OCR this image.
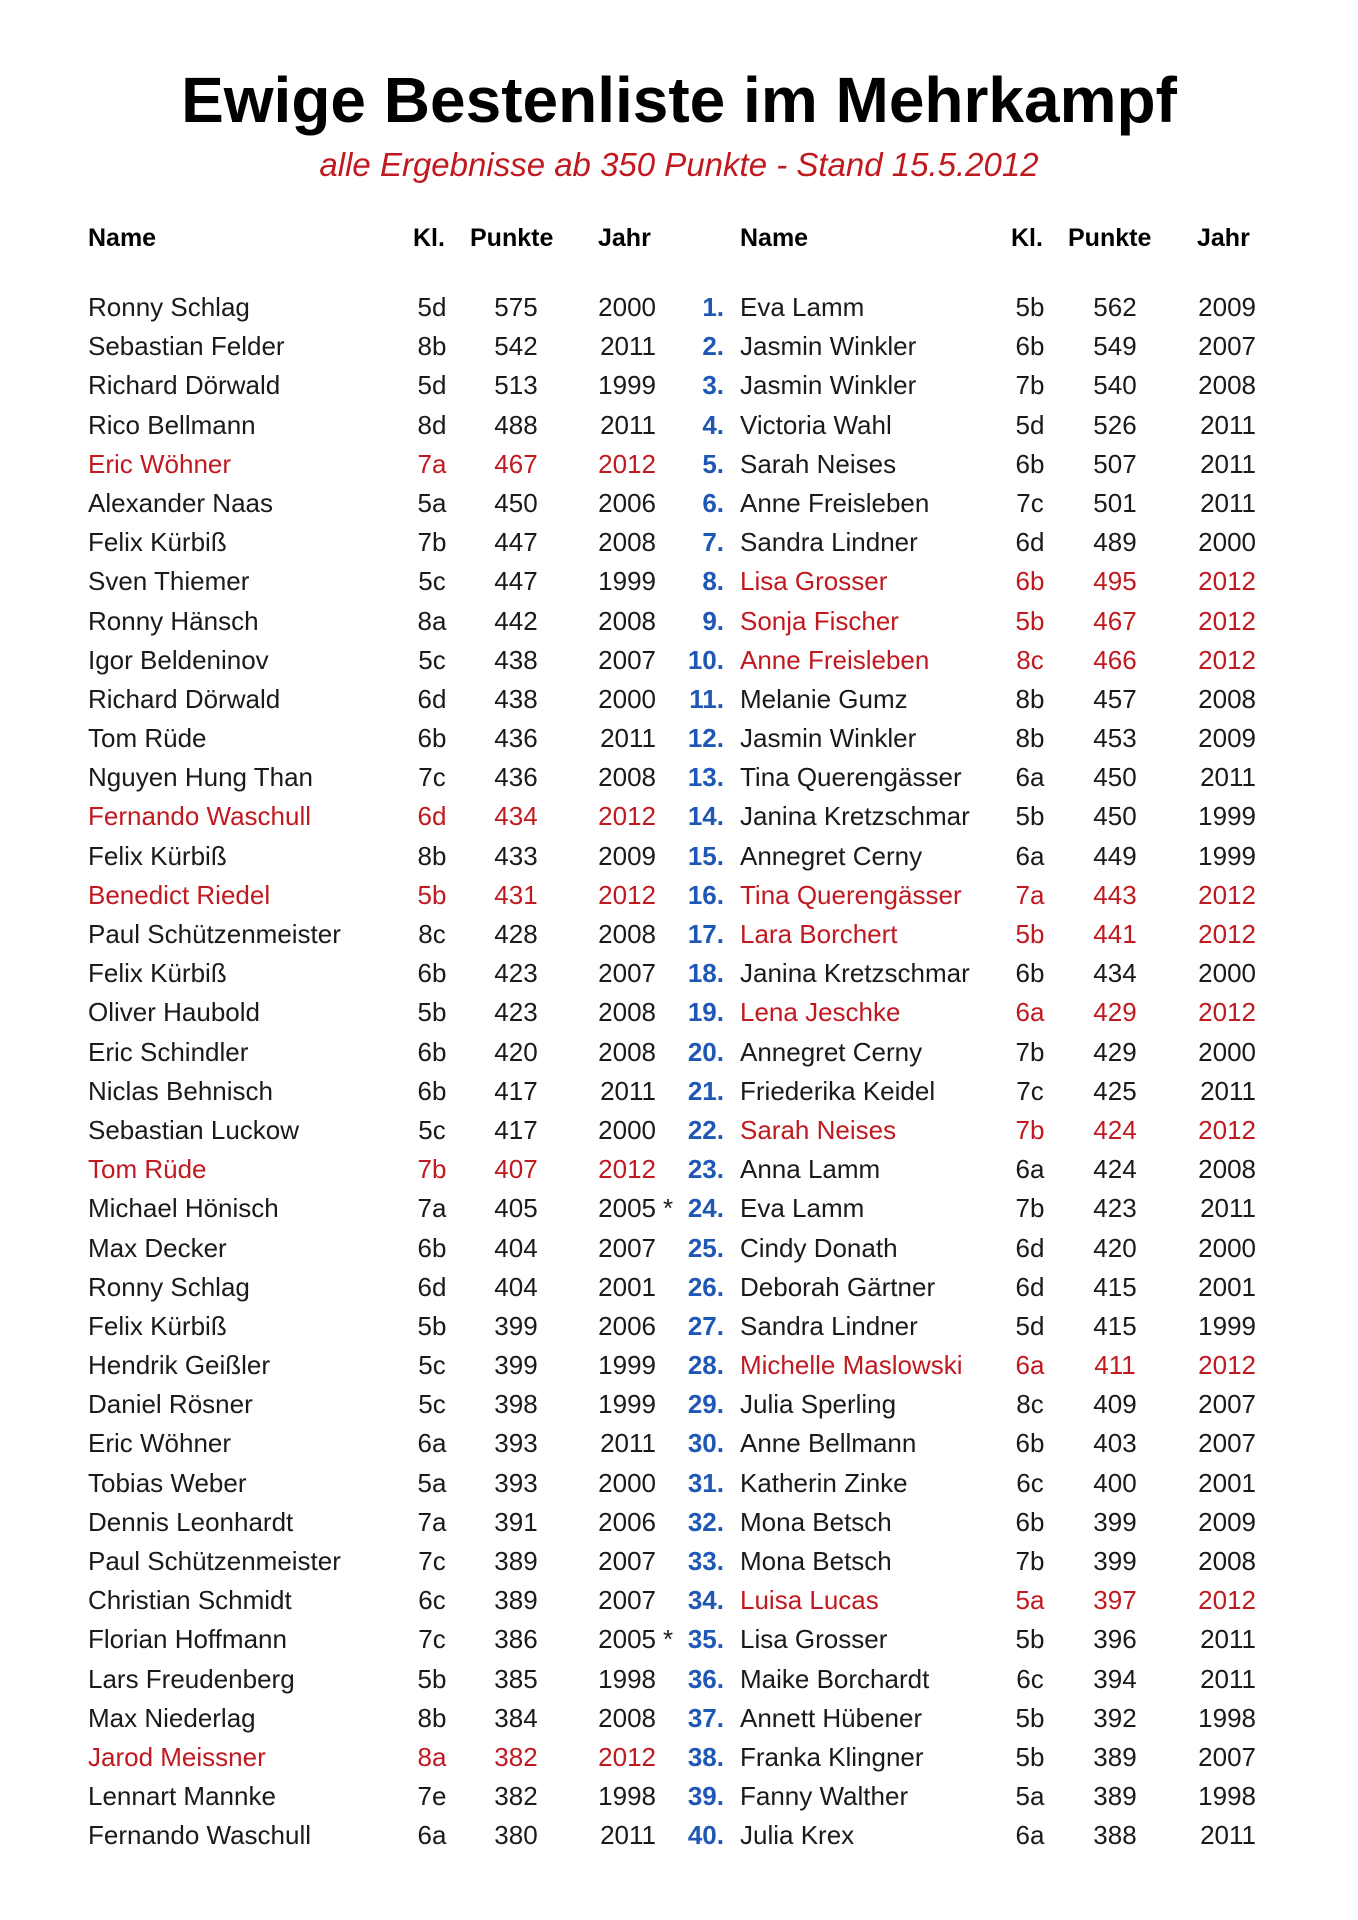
Ewige Bestenliste im Mehrkampf
alle Ergebnisse ab 350 Punkte - Stand 15.5.2012
Name	Kl. Punkte Jahr	Name	Kl. Punkte Jahr
Ronny Schlag	5d	575	2000	1. Eva Lamm	5b	562	2009
Sebastian Felder	8b	542	2011	2. Jasmin Winkler	6b	549	2007
Richard Dörwald	5d	513	1999	3. Jasmin Winkler	7b	540	2008
Rico Bellmann	8d	488	2011	4. Victoria Wahl	5d	526	2011
Eric Wöhner	7a	467	2012	5. Sarah Neises	6b	507	2011
Alexander Naas	5a	450	2006	6. Anne Freisleben	7c	501	2011
Felix Kürbiß	7b	447	2008	7. Sandra Lindner	6d	489	2000
Sven Thiemer	5c	447	1999	8. Lisa Grosser	6b	495	2012
Ronny Hänsch	8a	442	2008	9. Sonja Fischer	5b	467	2012
Igor Beldeninov	5c	438	2007	10. Anne Freisleben	8c	466	2012
Richard Dörwald	6d	438	2000	11. Melanie Gumz	8b	457	2008
Tom Rüde	6b	436	2011	12. Jasmin Winkler	8b	453	2009
Nguyen Hung Than	7c	436	2008	13. Tina Querengässer	6a	450	2011
Fernando Waschull	6d	434	2012	14. Janina Kretzschmar	5b	450	1999
Felix Kürbiß	8b	433	2009	15. Annegret Cerny	6a	449	1999
Benedict Riedel	5b	431	2012	16. Tina Querengässer	7a	443	2012
Paul Schützenmeister	8c	428	2008	17. Lara Borchert	5b	441	2012
Felix Kürbiß	6b	423	2007	18. Janina Kretzschmar	6b	434	2000
Oliver Haubold	5b	423	2008	19. Lena Jeschke	6a	429	2012
Eric Schindler	6b	420	2008	20. Annegret Cerny	7b	429	2000
Niclas Behnisch	6b	417	2011	21. Friederika Keidel	7c	425	2011
Sebastian Luckow	5c	417	2000	22. Sarah Neises	7b	424	2012
Tom Rüde	7b	407	2012	23. Anna Lamm	6a	424	2008
Michael Hönisch	7a	405	2005 * 24. Eva Lamm	7b	423	2011
Max Decker	6b	404	2007	25. Cindy Donath	6d	420	2000
Ronny Schlag	6d	404	2001	26. Deborah Gärtner	6d	415	2001
Felix Kürbiß	5b	399	2006	27. Sandra Lindner	5d	415	1999
Hendrik Geißler	5c	399	1999	28. Michelle Maslowski	6a	411	2012
Daniel Rösner	5c	398	1999	29. Julia Sperling	8c	409	2007
Eric Wöhner	6a	393	2011	30. Anne Bellmann	6b	403	2007
Tobias Weber	5a	393	2000	31. Katherin Zinke	6c	400	2001
Dennis Leonhardt	7a	391	2006	32. Mona Betsch	6b	399	2009
Paul Schützenmeister	7c	389	2007	33. Mona Betsch	7b	399	2008
Christian Schmidt	6c	389	2007	34. Luisa Lucas	5a	397	2012
Florian Hoffmann	7c	386	2005 * 35. Lisa Grosser	5b	396	2011
Lars Freudenberg	5b	385	1998	36. Maike Borchardt	6c	394	2011
Max Niederlag	8b	384	2008	37. Annett Hübener	5b	392	1998
Jarod Meissner	8a	382	2012	38. Franka Klingner	5b	389	2007
Lennart Mannke	7e	382	1998	39. Fanny Walther	5a	389	1998
Fernando Waschull	6a	380	2011	40. Julia Krex	6a	388	2011
